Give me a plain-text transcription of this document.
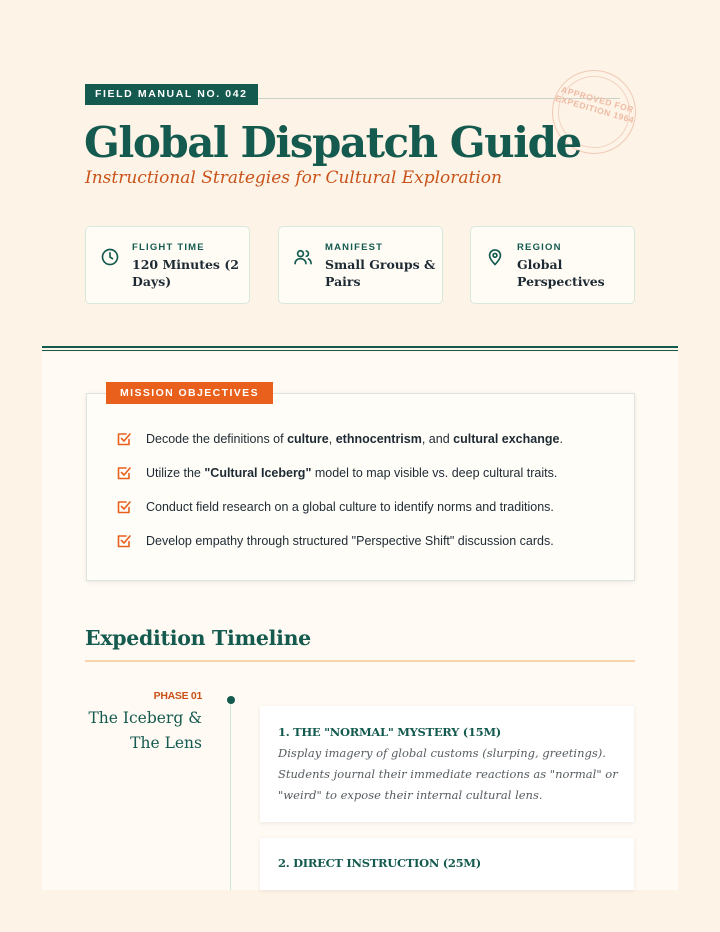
FIELD MANUAL NO. 042	APPROVED FOR EXPEDITION 1964
Global Dispatch Guide
Instructional Strategies for Cultural Exploration
FLIGHT TIME
120 Minutes (2 Days)
MANIFEST
Small Groups & Pairs
REGION
Global Perspectives
MISSION OBJECTIVES
Decode the definitions of culture, ethnocentrism, and cultural exchange.
Utilize the "Cultural Iceberg" model to map visible vs. deep cultural traits.
Conduct field research on a global culture to identify norms and traditions.
Develop empathy through structured "Perspective Shift" discussion cards.
Expedition Timeline
PHASE 01
The Iceberg &
The Lens
1. THE "NORMAL" MYSTERY (15M)

Display imagery of global customs (slurping, greetings). Students journal their immediate reactions as "normal" or "weird" to expose their internal cultural lens.

2. DIRECT INSTRUCTION (25M)
